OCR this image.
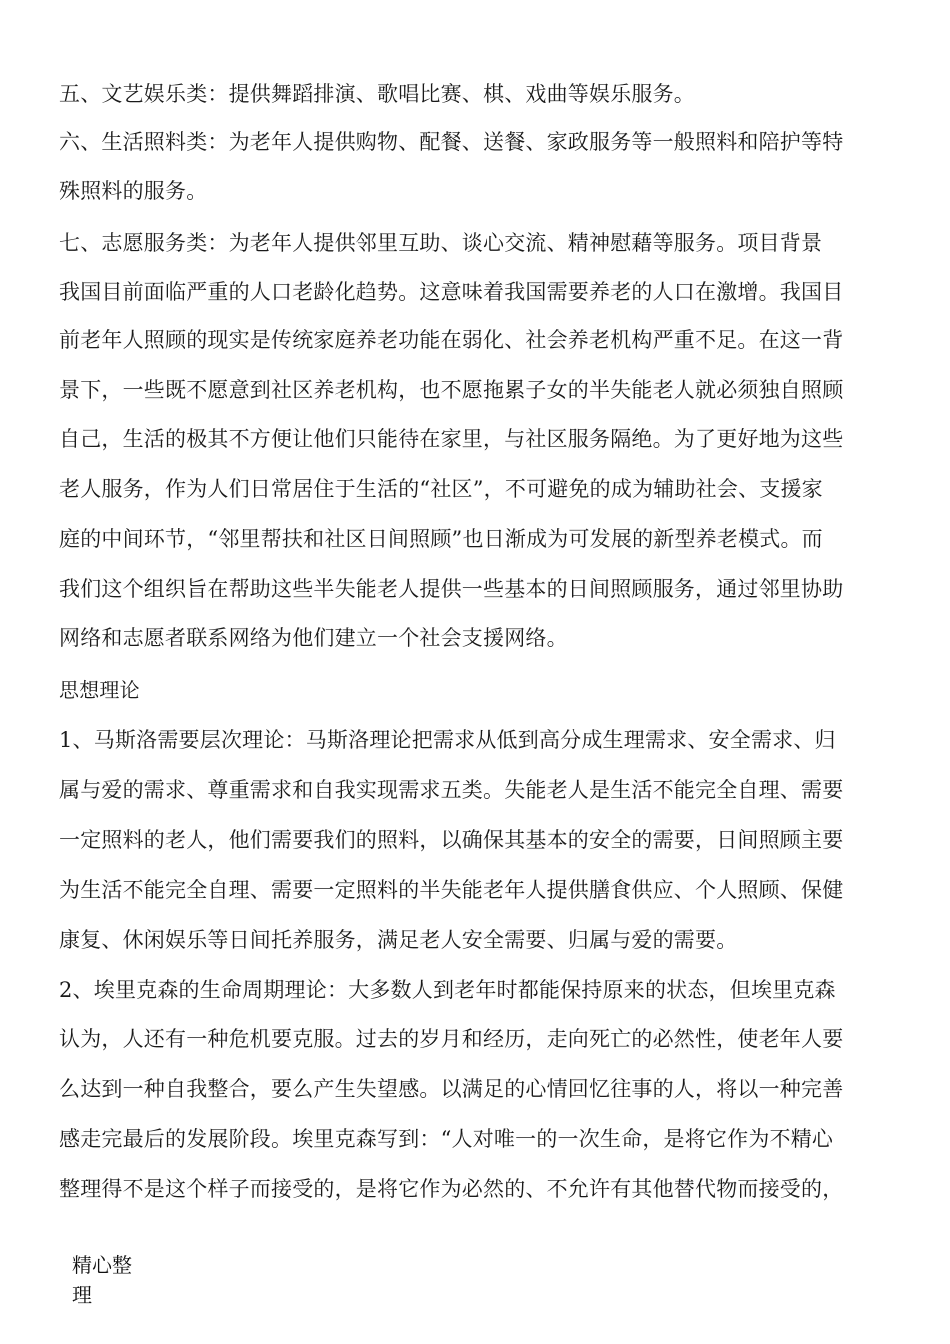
五、文艺娱乐类：提供舞蹈排演、歌唱比赛、棋、戏曲等娱乐服务。
六、生活照料类：为老年人提供购物、配餐、送餐、家政服务等一般照料和陪护等特
殊照料的服务。
七、志愿服务类：为老年人提供邻里互助、谈心交流、精神慰藉等服务。项目背景
我国目前面临严重的人口老龄化趋势。这意味着我国需要养老的人口在激增。我国目
前老年人照顾的现实是传统家庭养老功能在弱化、社会养老机构严重不足。在这一背
景下，一些既不愿意到社区养老机构，也不愿拖累子女的半失能老人就必须独自照顾
自己，生活的极其不方便让他们只能待在家里，与社区服务隔绝。为了更好地为这些
老人服务，作为人们日常居住于生活的“社区”，不可避免的成为辅助社会、支援家
庭的中间环节，“邻里帮扶和社区日间照顾”也日渐成为可发展的新型养老模式。而
我们这个组织旨在帮助这些半失能老人提供一些基本的日间照顾服务，通过邻里协助
网络和志愿者联系网络为他们建立一个社会支援网络。
思想理论
1、马斯洛需要层次理论：马斯洛理论把需求从低到高分成生理需求、安全需求、归
属与爱的需求、尊重需求和自我实现需求五类。失能老人是生活不能完全自理、需要
一定照料的老人，他们需要我们的照料，以确保其基本的安全的需要，日间照顾主要
为生活不能完全自理、需要一定照料的半失能老年人提供膳食供应、个人照顾、保健
康复、休闲娱乐等日间托养服务，满足老人安全需要、归属与爱的需要。
2、埃里克森的生命周期理论：大多数人到老年时都能保持原来的状态，但埃里克森
认为，人还有一种危机要克服。过去的岁月和经历，走向死亡的必然性，使老年人要
么达到一种自我整合，要么产生失望感。以满足的心情回忆往事的人，将以一种完善
感走完最后的发展阶段。埃里克森写到：“人对唯一的一次生命，是将它作为不精心
整理得不是这个样子而接受的，是将它作为必然的、不允许有其他替代物而接受的，
精心整
理
